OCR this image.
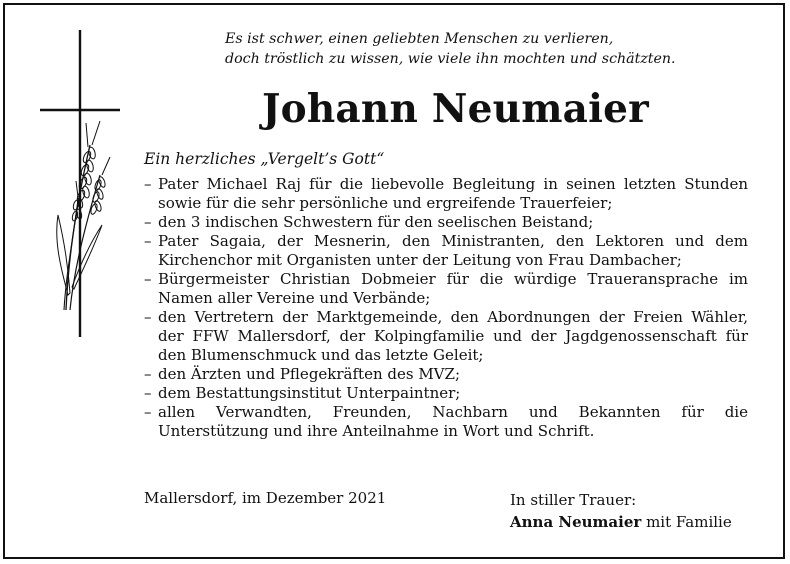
Es ist schwer, einen geliebten Menschen zu verlieren,
doch tröstlich zu wissen, wie viele ihn mochten und schätzten.
Johann Neumaier
Ein herzliches „Vergelt’s Gott“
– Pater Michael Raj für die liebevolle Begleitung in seinen letzten Stunden sowie für die sehr persönliche und ergreifende Trauerfeier;
– den 3 indischen Schwestern für den seelischen Beistand;
– Pater Sagaia, der Mesnerin, den Ministranten, den Lektoren und dem Kirchenchor mit Organisten unter der Leitung von Frau Dambacher;
– Bürgermeister Christian Dobmeier für die würdige Traueransprache im Namen aller Vereine und Verbände;
– den Vertretern der Marktgemeinde, den Abordnungen der Freien Wähler, der FFW Mallersdorf, der Kolpingfamilie und der Jagdgenossenschaft für den Blumenschmuck und das letzte Geleit;
– den Ärzten und Pflegekräften des MVZ;
– dem Bestattungsinstitut Unterpaintner;
– allen Verwandten, Freunden, Nachbarn und Bekannten für die Unterstützung und ihre Anteilnahme in Wort und Schrift.
Mallersdorf, im Dezember 2021	In stiller Trauer:
Anna Neumaier mit Familie
